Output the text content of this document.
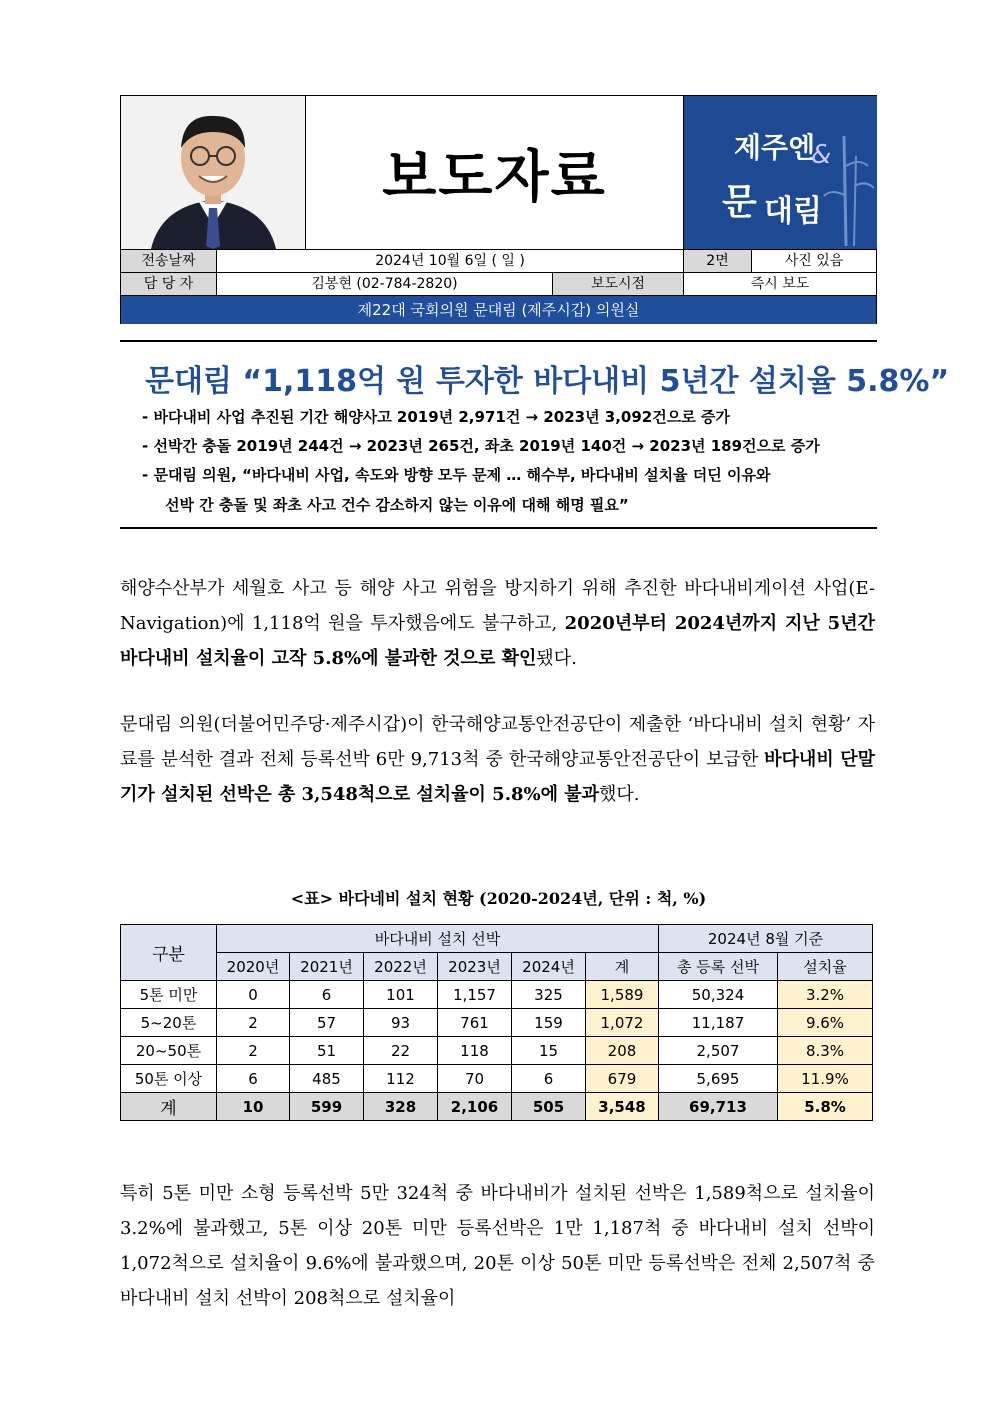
보도자료	제주엔
&
문 대림
전송날짜	2024년 10월 6일 ( 일 )	2면	사진 있음
담 당 자	김봉현 (02-784-2820)	보도시점	즉시 보도
제22대 국회의원 문대림 (제주시갑) 의원실
문대림 “1,118억 원 투자한 바다내비 5년간 설치율 5.8%”
- 바다내비 사업 추진된 기간 해양사고 2019년 2,971건 → 2023년 3,092건으로 증가
- 선박간 충돌 2019년 244건 → 2023년 265건, 좌초 2019년 140건 → 2023년 189건으로 증가
- 문대림 의원, “바다내비 사업, 속도와 방향 모두 문제 … 해수부, 바다내비 설치율 더딘 이유와
선박 간 충돌 및 좌초 사고 건수 감소하지 않는 이유에 대해 해명 필요”

해양수산부가 세월호 사고 등 해양 사고 위험을 방지하기 위해 추진한 바다내비게이션 사업(E-Navigation)에 1,118억 원을 투자했음에도 불구하고, 2020년부터 2024년까지 지난 5년간 바다내비 설치율이 고작 5.8%에 불과한 것으로 확인됐다.

문대림 의원(더불어민주당·제주시갑)이 한국해양교통안전공단이 제출한 ‘바다내비 설치 현황’ 자료를 분석한 결과 전체 등록선박 6만 9,713척 중 한국해양교통안전공단이 보급한 바다내비 단말기가 설치된 선박은 총 3,548척으로 설치율이 5.8%에 불과했다.

<표> 바다네비 설치 현황 (2020-2024년, 단위 : 척, %)
구분	바다내비 설치 선박						2024년 8월 기준	
	2020년	2021년	2022년	2023년	2024년	계	총 등록 선박	설치율
5톤 미만	0	6	101	1,157	325	1,589	50,324	3.2%
5~20톤	2	57	93	761	159	1,072	11,187	9.6%
20~50톤	2	51	22	118	15	208	2,507	8.3%
50톤 이상	6	485	112	70	6	679	5,695	11.9%
계	10	599	328	2,106	505	3,548	69,713	5.8%

특히 5톤 미만 소형 등록선박 5만 324척 중 바다내비가 설치된 선박은 1,589척으로 설치율이 3.2%에 불과했고, 5톤 이상 20톤 미만 등록선박은 1만 1,187척 중 바다내비 설치 선박이 1,072척으로 설치율이 9.6%에 불과했으며, 20톤 이상 50톤 미만 등록선박은 전체 2,507척 중 바다내비 설치 선박이 208척으로 설치율이
